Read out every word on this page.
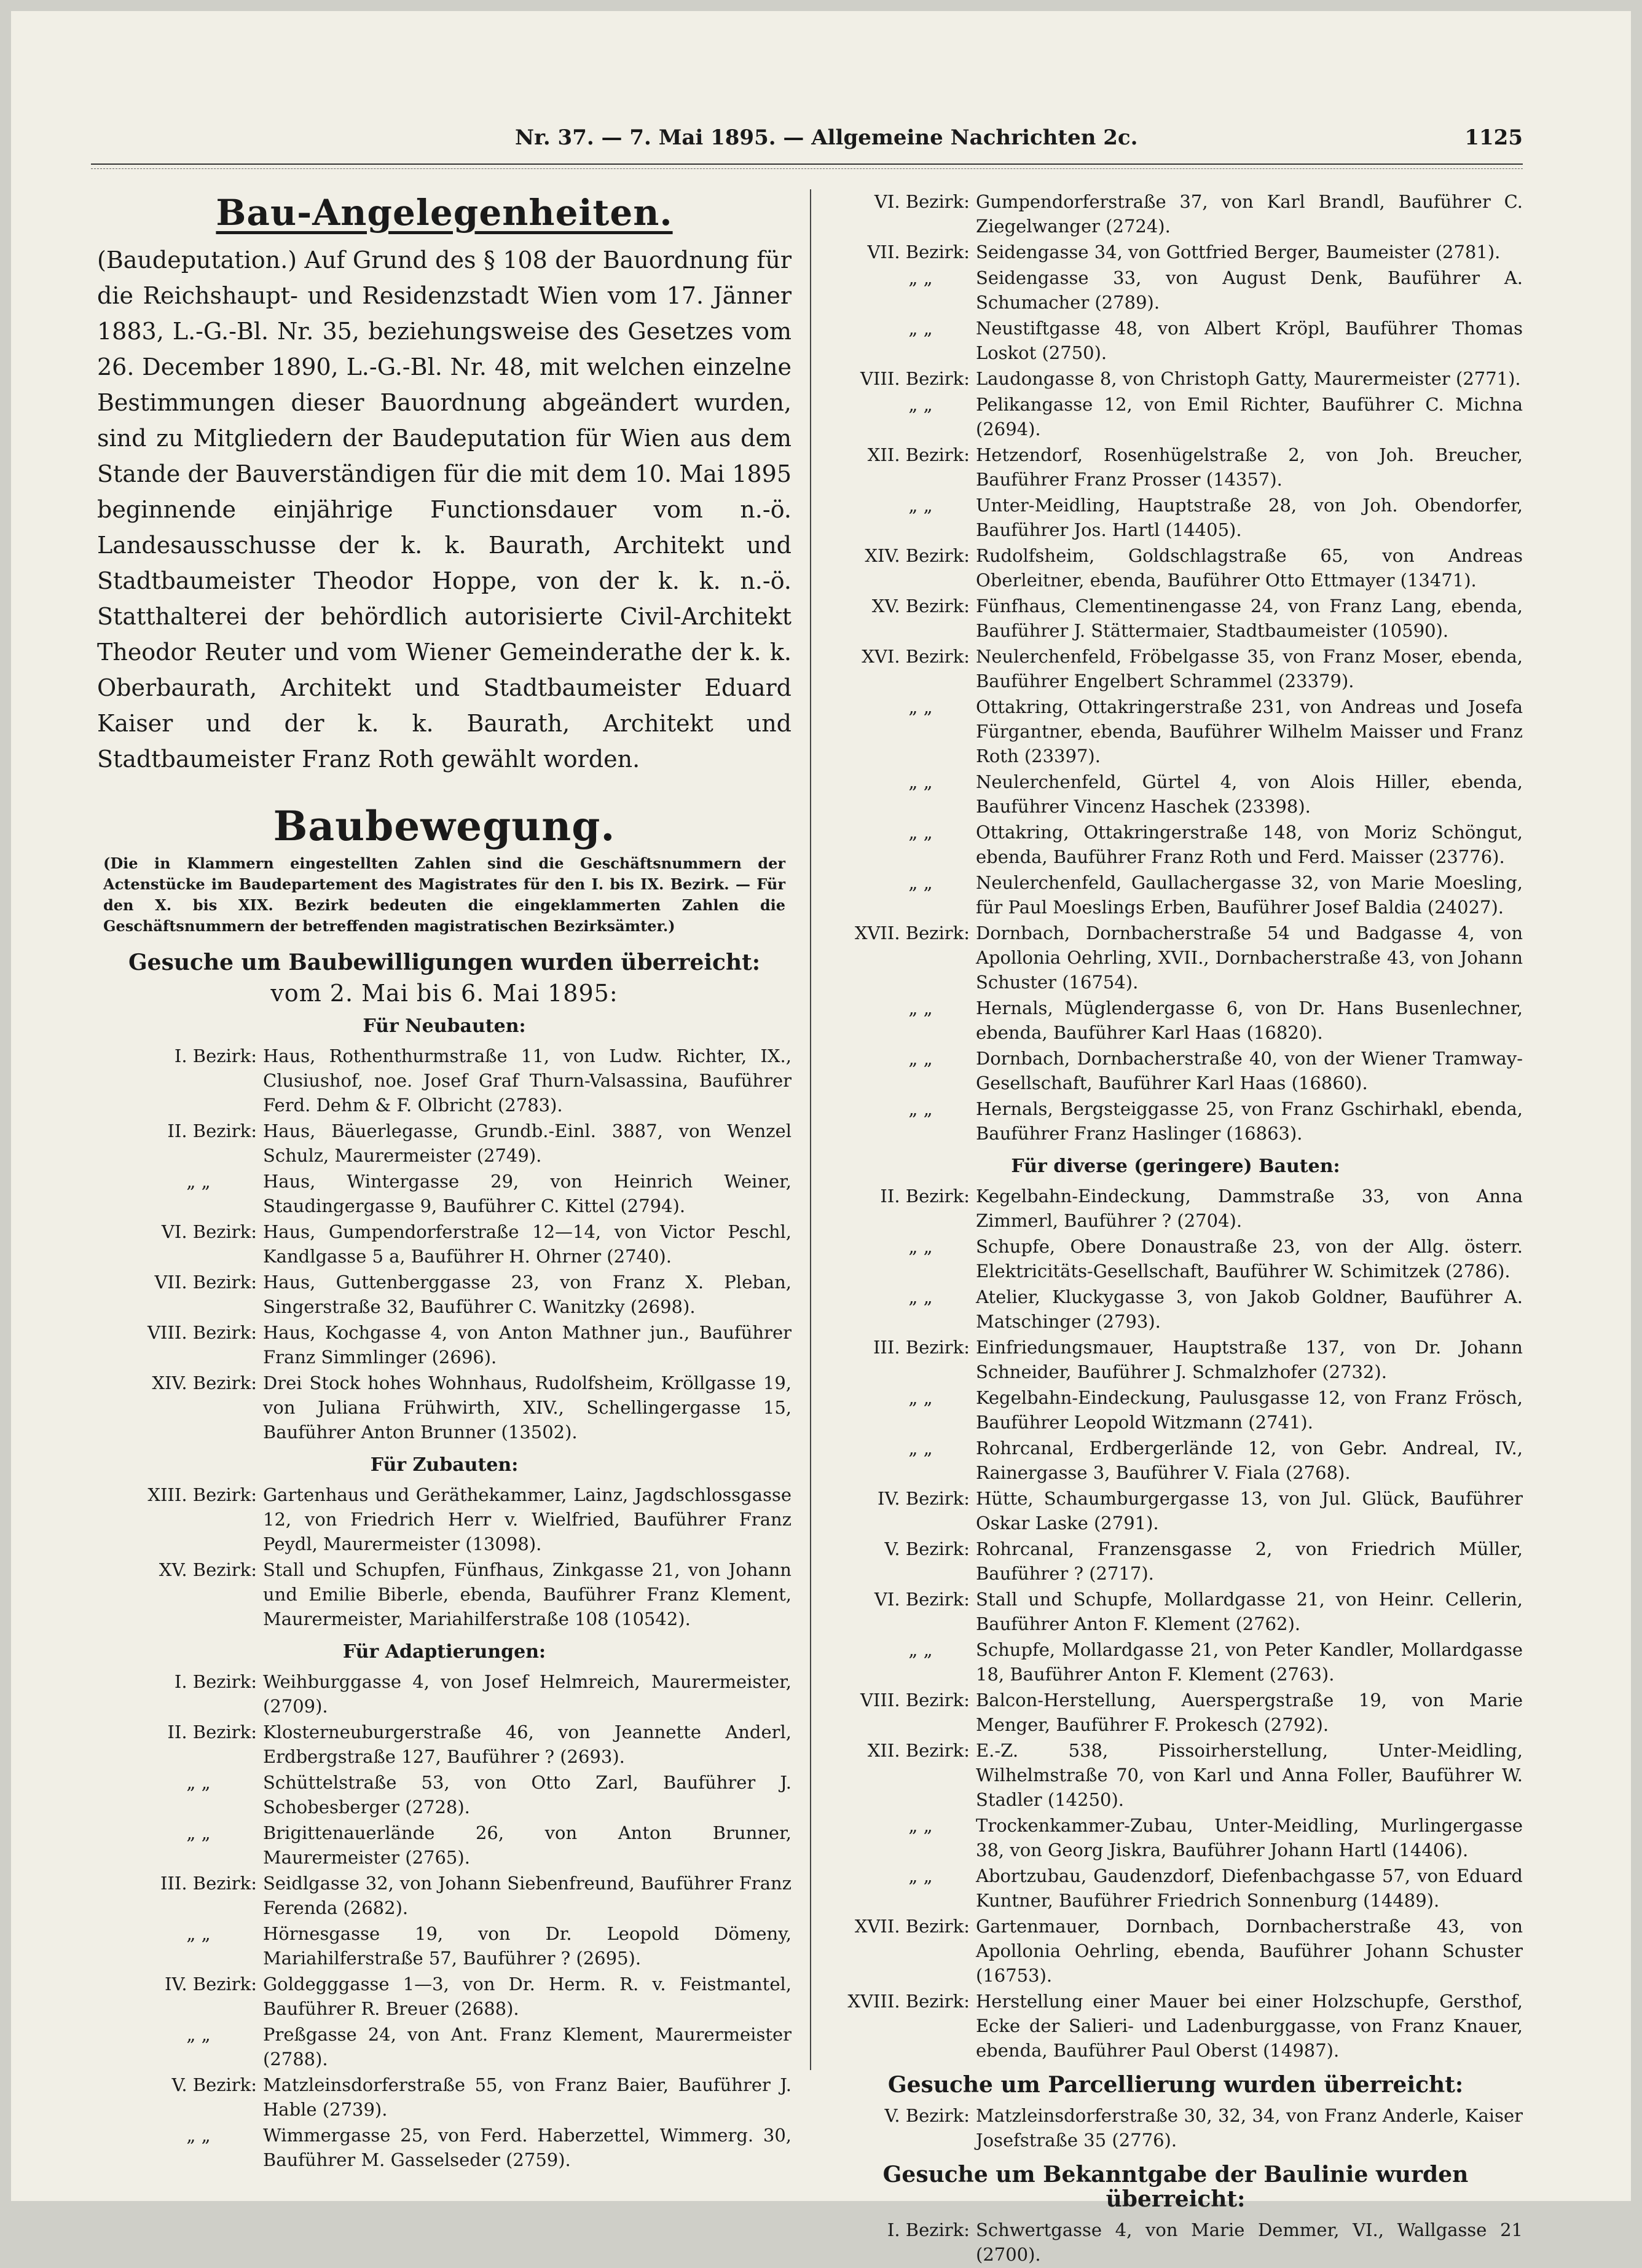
Nr. 37. — 7. Mai 1895. — Allgemeine Nachrichten 2c.	1125
Bau-Angelegenheiten.

(Baudeputation.) Auf Grund des § 108 der Bauordnung für die Reichshaupt- und Residenzstadt Wien vom 17. Jänner 1883, L.-G.-Bl. Nr. 35, beziehungsweise des Gesetzes vom 26. December 1890, L.-G.-Bl. Nr. 48, mit welchen einzelne Bestimmungen dieser Bauordnung abgeändert wurden, sind zu Mitgliedern der Baudeputation für Wien aus dem Stande der Bauverständigen für die mit dem 10. Mai 1895 beginnende einjährige Functionsdauer vom n.-ö. Landesausschusse der k. k. Baurath, Architekt und Stadtbaumeister Theodor Hoppe, von der k. k. n.-ö. Statthalterei der behördlich autorisierte Civil-Architekt Theodor Reuter und vom Wiener Gemeinderathe der k. k. Oberbaurath, Architekt und Stadtbaumeister Eduard Kaiser und der k. k. Baurath, Architekt und Stadtbaumeister Franz Roth gewählt worden.

Baubewegung.

(Die in Klammern eingestellten Zahlen sind die Geschäftsnummern der Actenstücke im Baudepartement des Magistrates für den I. bis IX. Bezirk. — Für den X. bis XIX. Bezirk bedeuten die eingeklammerten Zahlen die Geschäftsnummern der betreffenden magistratischen Bezirksämter.)

Gesuche um Baubewilligungen wurden überreicht:
vom 2. Mai bis 6. Mai 1895:
Für Neubauten:
I. Bezirk: Haus, Rothenthurmstraße 11, von Ludw. Richter, IX., Clusiushof, noe. Josef Graf Thurn-Valsassina, Bauführer Ferd. Dehm & F. Olbricht (2783).
II. Bezirk: Haus, Bäuerlegasse, Grundb.-Einl. 3887, von Wenzel Schulz, Maurermeister (2749).
„ „	Haus, Wintergasse 29, von Heinrich Weiner, Staudingergasse 9, Bauführer C. Kittel (2794).
VI. Bezirk: Haus, Gumpendorferstraße 12—14, von Victor Peschl, Kandlgasse 5 a, Bauführer H. Ohrner (2740).
VII. Bezirk: Haus, Guttenberggasse 23, von Franz X. Pleban, Singerstraße 32, Bauführer C. Wanitzky (2698).
VIII. Bezirk: Haus, Kochgasse 4, von Anton Mathner jun., Bauführer Franz Simmlinger (2696).
XIV. Bezirk: Drei Stock hohes Wohnhaus, Rudolfsheim, Kröllgasse 19, von Juliana Frühwirth, XIV., Schellingergasse 15, Bauführer Anton Brunner (13502).
Für Zubauten:
XIII. Bezirk: Gartenhaus und Geräthekammer, Lainz, Jagdschlossgasse 12, von Friedrich Herr v. Wielfried, Bauführer Franz Peydl, Maurermeister (13098).
XV. Bezirk: Stall und Schupfen, Fünfhaus, Zinkgasse 21, von Johann und Emilie Biberle, ebenda, Bauführer Franz Klement, Maurermeister, Mariahilferstraße 108 (10542).
Für Adaptierungen:
I. Bezirk: Weihburggasse 4, von Josef Helmreich, Maurermeister, (2709).
II. Bezirk: Klosterneuburgerstraße 46, von Jeannette Anderl, Erdbergstraße 127, Bauführer ? (2693).
„ „	Schüttelstraße 53, von Otto Zarl, Bauführer J. Schobesberger (2728).
„ „	Brigittenauerlände 26, von Anton Brunner, Maurermeister (2765).
III. Bezirk: Seidlgasse 32, von Johann Siebenfreund, Bauführer Franz Ferenda (2682).
„ „	Hörnesgasse 19, von Dr. Leopold Dömeny, Mariahilferstraße 57, Bauführer ? (2695).
IV. Bezirk: Goldegggasse 1—3, von Dr. Herm. R. v. Feistmantel, Bauführer R. Breuer (2688).
„ „	Preßgasse 24, von Ant. Franz Klement, Maurermeister (2788).
V. Bezirk: Matzleinsdorferstraße 55, von Franz Baier, Bauführer J. Hable (2739).
„ „	Wimmergasse 25, von Ferd. Haberzettel, Wimmerg. 30, Bauführer M. Gasselseder (2759).
VI. Bezirk: Gumpendorferstraße 37, von Karl Brandl, Bauführer C. Ziegelwanger (2724).
VII. Bezirk: Seidengasse 34, von Gottfried Berger, Baumeister (2781).
„ „	Seidengasse 33, von August Denk, Bauführer A. Schumacher (2789).
„ „	Neustiftgasse 48, von Albert Kröpl, Bauführer Thomas Loskot (2750).
VIII. Bezirk: Laudongasse 8, von Christoph Gatty, Maurermeister (2771).
„ „	Pelikangasse 12, von Emil Richter, Bauführer C. Michna (2694).
XII. Bezirk: Hetzendorf, Rosenhügelstraße 2, von Joh. Breucher, Bauführer Franz Prosser (14357).
„ „	Unter-Meidling, Hauptstraße 28, von Joh. Obendorfer, Bauführer Jos. Hartl (14405).
XIV. Bezirk: Rudolfsheim, Goldschlagstraße 65, von Andreas Oberleitner, ebenda, Bauführer Otto Ettmayer (13471).
XV. Bezirk: Fünfhaus, Clementinengasse 24, von Franz Lang, ebenda, Bauführer J. Stättermaier, Stadtbaumeister (10590).
XVI. Bezirk: Neulerchenfeld, Fröbelgasse 35, von Franz Moser, ebenda, Bauführer Engelbert Schrammel (23379).
„ „	Ottakring, Ottakringerstraße 231, von Andreas und Josefa Fürgantner, ebenda, Bauführer Wilhelm Maisser und Franz Roth (23397).
„ „	Neulerchenfeld, Gürtel 4, von Alois Hiller, ebenda, Bauführer Vincenz Haschek (23398).
„ „	Ottakring, Ottakringerstraße 148, von Moriz Schöngut, ebenda, Bauführer Franz Roth und Ferd. Maisser (23776).
„ „	Neulerchenfeld, Gaullachergasse 32, von Marie Moesling, für Paul Moeslings Erben, Bauführer Josef Baldia (24027).
XVII. Bezirk: Dornbach, Dornbacherstraße 54 und Badgasse 4, von Apollonia Oehrling, XVII., Dornbacherstraße 43, von Johann Schuster (16754).
„ „	Hernals, Müglendergasse 6, von Dr. Hans Busenlechner, ebenda, Bauführer Karl Haas (16820).
„ „	Dornbach, Dornbacherstraße 40, von der Wiener Tramway-Gesellschaft, Bauführer Karl Haas (16860).
„ „	Hernals, Bergsteiggasse 25, von Franz Gschirhakl, ebenda, Bauführer Franz Haslinger (16863).
Für diverse (geringere) Bauten:
II. Bezirk: Kegelbahn-Eindeckung, Dammstraße 33, von Anna Zimmerl, Bauführer ? (2704).
„ „	Schupfe, Obere Donaustraße 23, von der Allg. österr. Elektricitäts-Gesellschaft, Bauführer W. Schimitzek (2786).
„ „	Atelier, Kluckygasse 3, von Jakob Goldner, Bauführer A. Matschinger (2793).
III. Bezirk: Einfriedungsmauer, Hauptstraße 137, von Dr. Johann Schneider, Bauführer J. Schmalzhofer (2732).
„ „	Kegelbahn-Eindeckung, Paulusgasse 12, von Franz Frösch, Bauführer Leopold Witzmann (2741).
„ „	Rohrcanal, Erdbergerlände 12, von Gebr. Andreal, IV., Rainergasse 3, Bauführer V. Fiala (2768).
IV. Bezirk: Hütte, Schaumburgergasse 13, von Jul. Glück, Bauführer Oskar Laske (2791).
V. Bezirk: Rohrcanal, Franzensgasse 2, von Friedrich Müller, Bauführer ? (2717).
VI. Bezirk: Stall und Schupfe, Mollardgasse 21, von Heinr. Cellerin, Bauführer Anton F. Klement (2762).
„ „	Schupfe, Mollardgasse 21, von Peter Kandler, Mollardgasse 18, Bauführer Anton F. Klement (2763).
VIII. Bezirk: Balcon-Herstellung, Auerspergstraße 19, von Marie Menger, Bauführer F. Prokesch (2792).
XII. Bezirk: E.-Z. 538, Pissoirherstellung, Unter-Meidling, Wilhelmstraße 70, von Karl und Anna Foller, Bauführer W. Stadler (14250).
„ „	Trockenkammer-Zubau, Unter-Meidling, Murlingergasse 38, von Georg Jiskra, Bauführer Johann Hartl (14406).
„ „	Abortzubau, Gaudenzdorf, Diefenbachgasse 57, von Eduard Kuntner, Bauführer Friedrich Sonnenburg (14489).
XVII. Bezirk: Gartenmauer, Dornbach, Dornbacherstraße 43, von Apollonia Oehrling, ebenda, Bauführer Johann Schuster (16753).
XVIII. Bezirk: Herstellung einer Mauer bei einer Holzschupfe, Gersthof, Ecke der Salieri- und Ladenburggasse, von Franz Knauer, ebenda, Bauführer Paul Oberst (14987).
Gesuche um Parcellierung wurden überreicht:
V. Bezirk: Matzleinsdorferstraße 30, 32, 34, von Franz Anderle, Kaiser Josefstraße 35 (2776).
Gesuche um Bekanntgabe der Baulinie wurden überreicht:
I. Bezirk: Schwertgasse 4, von Marie Demmer, VI., Wallgasse 21 (2700).
